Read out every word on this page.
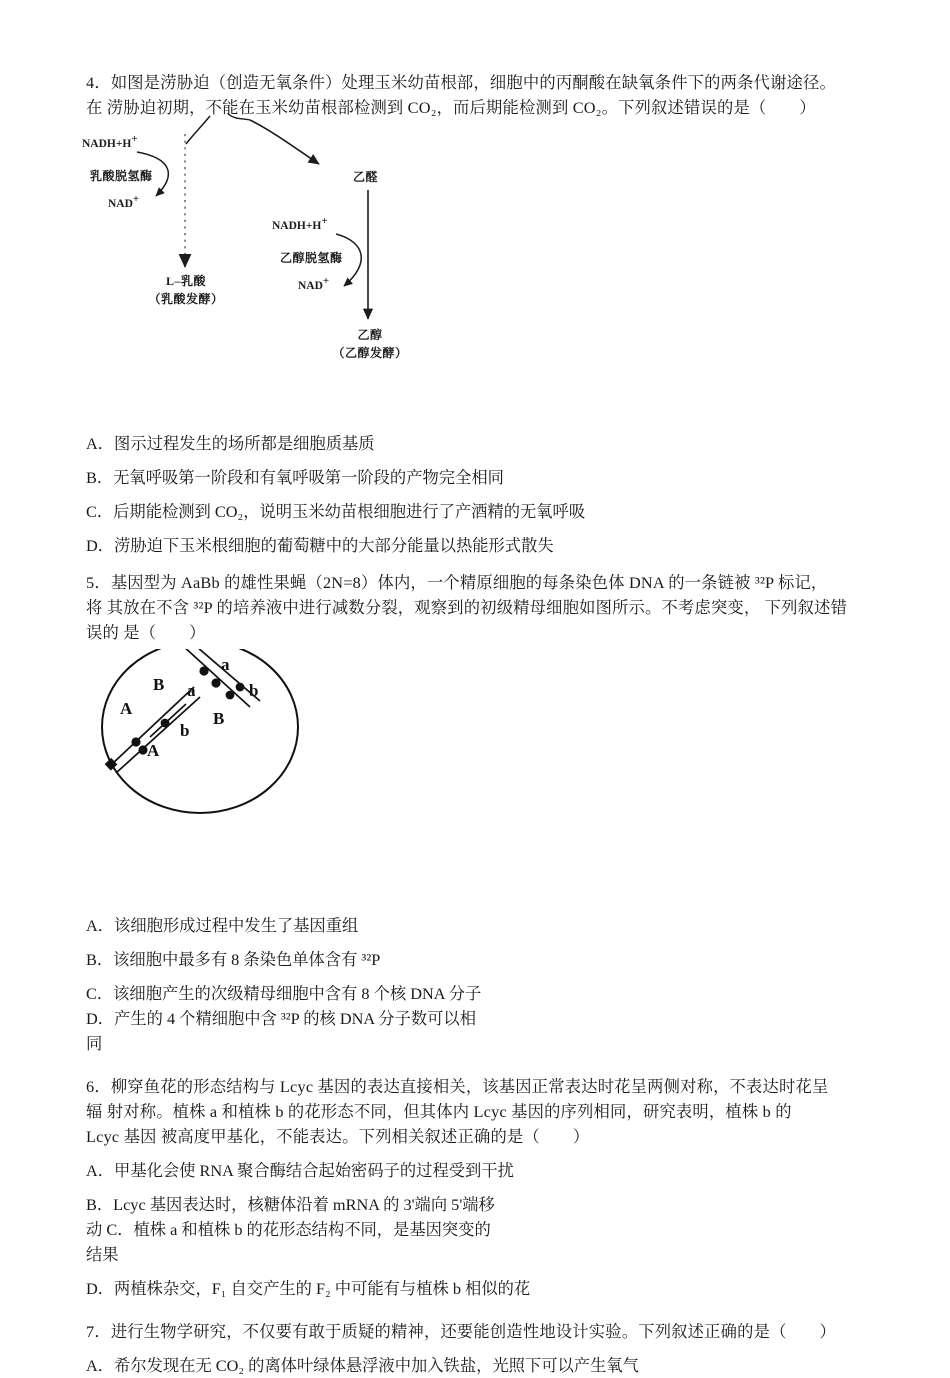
4．如图是涝胁迫（创造无氧条件）处理玉米幼苗根部，细胞中的丙酮酸在缺氧条件下的两条代谢途径。

在 涝胁迫初期，不能在玉米幼苗根部检测到 CO₂，而后期能检测到 CO₂。下列叙述错误的是（　　）

NADH+H+
乳酸脱氢酶
NAD+
L–乳酸
（乳酸发酵）
乙醛
NADH+H+
乙醇脱氢酶
NAD+
乙醇
（乙醇发酵）

A．图示过程发生的场所都是细胞质基质

B．无氧呼吸第一阶段和有氧呼吸第一阶段的产物完全相同

C．后期能检测到 CO₂，说明玉米幼苗根细胞进行了产酒精的无氧呼吸

D．涝胁迫下玉米根细胞的葡萄糖中的大部分能量以热能形式散失

5．基因型为 AaBb 的雄性果蝇（2N=8）体内，一个精原细胞的每条染色体 DNA 的一条链被 ³²P 标记，

将 其放在不含 ³²P 的培养液中进行减数分裂，观察到的初级精母细胞如图所示。不考虑突变， 下列叙述错

误的 是（　　）

B
A
A
b
a
a
b
B

A．该细胞形成过程中发生了基因重组

B．该细胞中最多有 8 条染色单体含有 ³²P

C．该细胞产生的次级精母细胞中含有 8 个核 DNA 分子

D．产生的 4 个精细胞中含 ³²P 的核 DNA 分子数可以相

同

6．柳穿鱼花的形态结构与 Lcyc 基因的表达直接相关，该基因正常表达时花呈两侧对称，不表达时花呈

辐 射对称。植株 a 和植株 b 的花形态不同，但其体内 Lcyc 基因的序列相同，研究表明，植株 b 的

Lcyc 基因 被高度甲基化，不能表达。下列相关叙述正确的是（　　）

A．甲基化会使 RNA 聚合酶结合起始密码子的过程受到干扰

B．Lcyc 基因表达时，核糖体沿着 mRNA 的 3'端向 5'端移

动 C．植株 a 和植株 b 的花形态结构不同，是基因突变的

结果

D．两植株杂交，F₁ 自交产生的 F₂ 中可能有与植株 b 相似的花

7．进行生物学研究，不仅要有敢于质疑的精神，还要能创造性地设计实验。下列叙述正确的是（　　）

A．希尔发现在无 CO₂ 的离体叶绿体悬浮液中加入铁盐，光照下可以产生氧气
